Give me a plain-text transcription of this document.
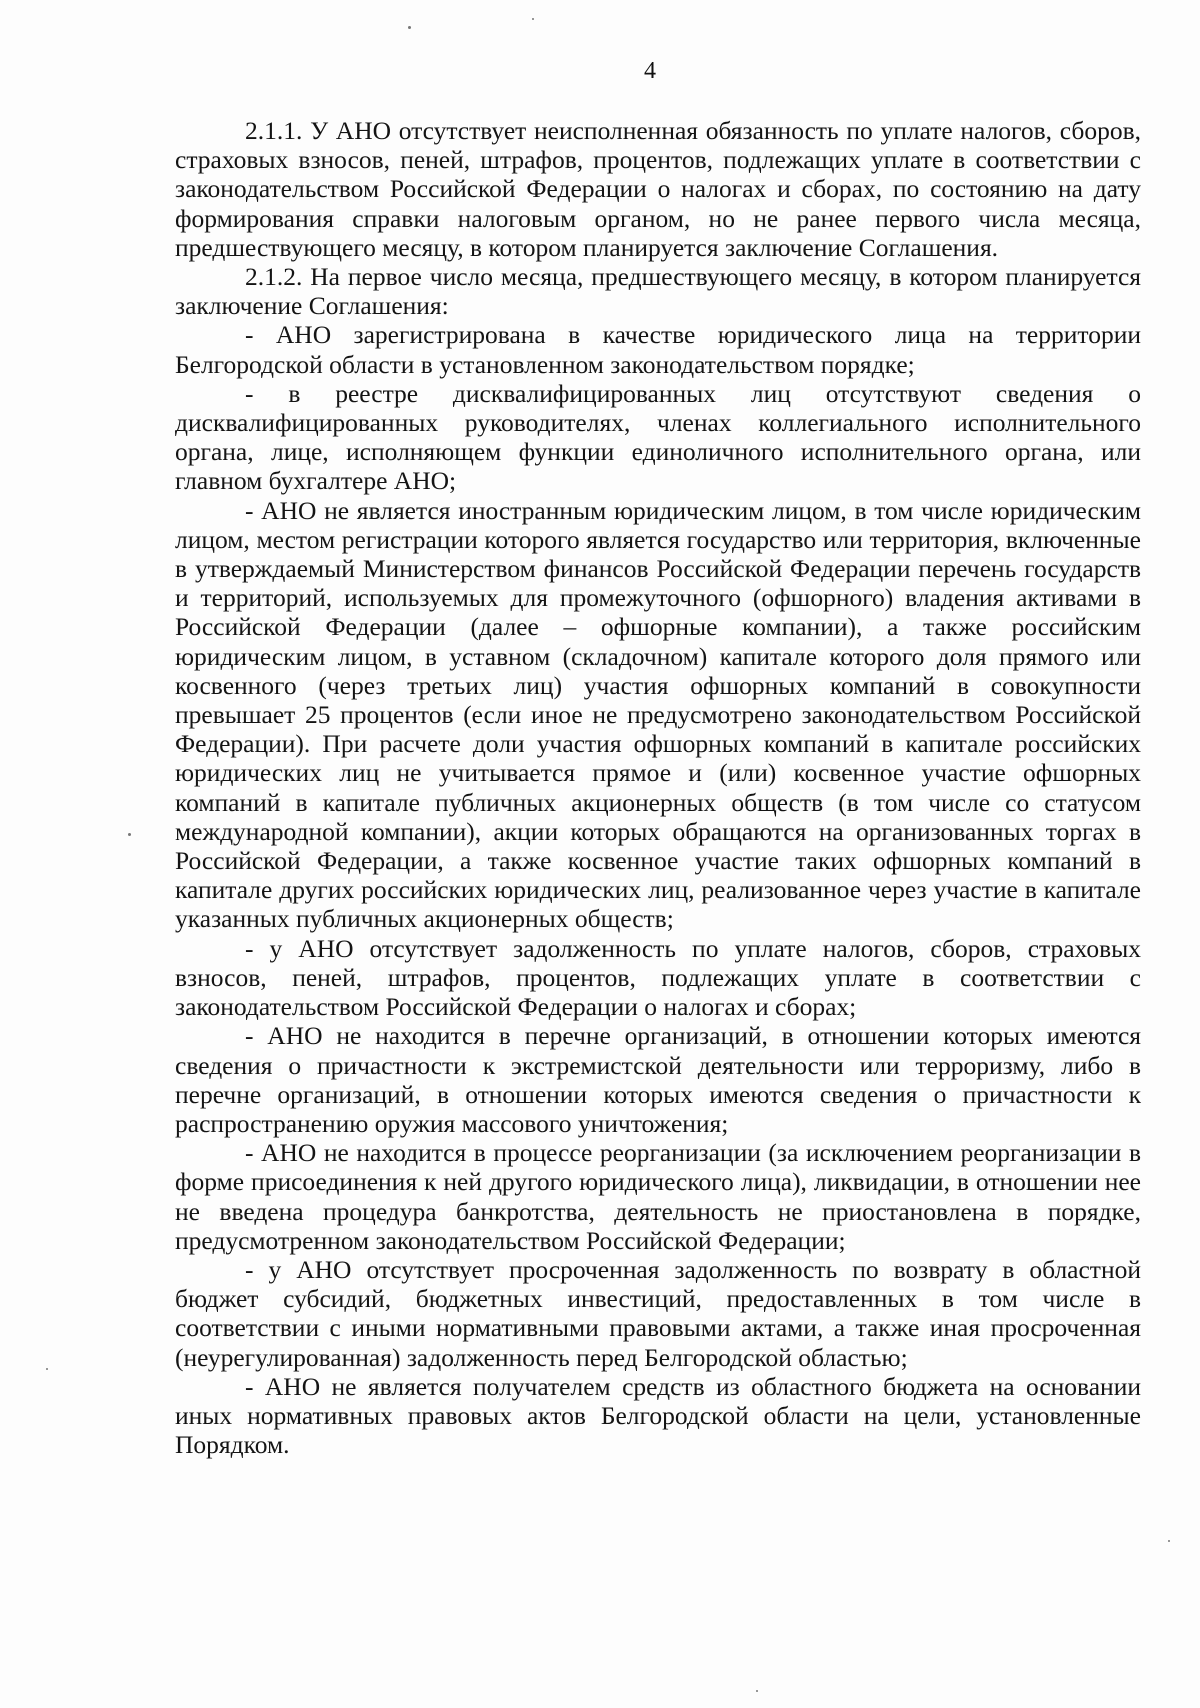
4

2.1.1. У АНО отсутствует неисполненная обязанность по уплате налогов, сборов, страховых взносов, пеней, штрафов, процентов, подлежащих уплате в соответствии с законодательством Российской Федерации о налогах и сборах, по состоянию на дату формирования справки налоговым органом, но не ранее первого числа месяца, предшествующего месяцу, в котором планируется заключение Соглашения.

2.1.2. На первое число месяца, предшествующего месяцу, в котором планируется заключение Соглашения:

- АНО зарегистрирована в качестве юридического лица на территории Белгородской области в установленном законодательством порядке;

- в реестре дисквалифицированных лиц отсутствуют сведения о дисквалифицированных руководителях, членах коллегиального исполнительного органа, лице, исполняющем функции единоличного исполнительного органа, или главном бухгалтере АНО;

- АНО не является иностранным юридическим лицом, в том числе юридическим лицом, местом регистрации которого является государство или территория, включенные в утверждаемый Министерством финансов Российской Федерации перечень государств и территорий, используемых для промежуточного (офшорного) владения активами в Российской Федерации (далее – офшорные компании), а также российским юридическим лицом, в уставном (складочном) капитале которого доля прямого или косвенного (через третьих лиц) участия офшорных компаний в совокупности превышает 25 процентов (если иное не предусмотрено законодательством Российской Федерации). При расчете доли участия офшорных компаний в капитале российских юридических лиц не учитывается прямое и (или) косвенное участие офшорных компаний в капитале публичных акционерных обществ (в том числе со статусом международной компании), акции которых обращаются на организованных торгах в Российской Федерации, а также косвенное участие таких офшорных компаний в капитале других российских юридических лиц, реализованное через участие в капитале указанных публичных акционерных обществ;

- у АНО отсутствует задолженность по уплате налогов, сборов, страховых взносов, пеней, штрафов, процентов, подлежащих уплате в соответствии с законодательством Российской Федерации о налогах и сборах;

- АНО не находится в перечне организаций, в отношении которых имеются сведения о причастности к экстремистской деятельности или терроризму, либо в перечне организаций, в отношении которых имеются сведения о причастности к распространению оружия массового уничтожения;

- АНО не находится в процессе реорганизации (за исключением реорганизации в форме присоединения к ней другого юридического лица), ликвидации, в отношении нее не введена процедура банкротства, деятельность не приостановлена в порядке, предусмотренном законодательством Российской Федерации;

- у АНО отсутствует просроченная задолженность по возврату в областной бюджет субсидий, бюджетных инвестиций, предоставленных в том числе в соответствии с иными нормативными правовыми актами, а также иная просроченная (неурегулированная) задолженность перед Белгородской областью;

- АНО не является получателем средств из областного бюджета на основании иных нормативных правовых актов Белгородской области на цели, установленные Порядком.
